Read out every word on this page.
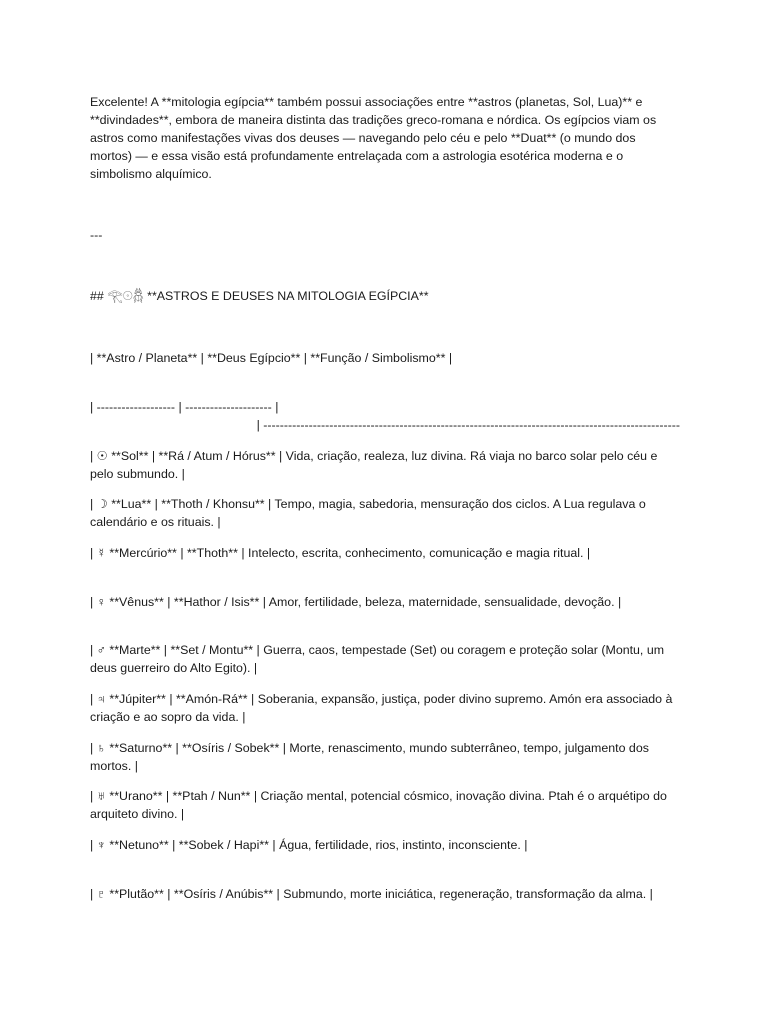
Excelente! A **mitologia egípcia** também possui associações entre **astros (planetas, Sol, Lua)** e **divindades**, embora de maneira distinta das tradições greco-romana e nórdica. Os egípcios viam os astros como manifestações vivas dos deuses — navegando pelo céu e pelo **Duat** (o mundo dos mortos) — e essa visão está profundamente entrelaçada com a astrologia esotérica moderna e o simbolismo alquímico.

---

## 𓂀𓇳𓆣 **ASTROS E DEUSES NA MITOLOGIA EGÍPCIA**

| **Astro / Planeta** | **Deus Egípcio** | **Função / Simbolismo** |

| ------------------- | --------------------- |

----------------------------------------------------------------------------------------------------- |

| ☉ **Sol** | **Rá / Atum / Hórus** | Vida, criação, realeza, luz divina. Rá viaja no barco solar pelo céu e pelo submundo. |

| ☽ **Lua** | **Thoth / Khonsu** | Tempo, magia, sabedoria, mensuração dos ciclos. A Lua regulava o calendário e os rituais. |

| ☿ **Mercúrio** | **Thoth** | Intelecto, escrita, conhecimento, comunicação e magia ritual. |

| ♀ **Vênus** | **Hathor / Isis** | Amor, fertilidade, beleza, maternidade, sensualidade, devoção. |

| ♂ **Marte** | **Set / Montu** | Guerra, caos, tempestade (Set) ou coragem e proteção solar (Montu, um deus guerreiro do Alto Egito). |

| ♃ **Júpiter** | **Amón-Rá** | Soberania, expansão, justiça, poder divino supremo. Amón era associado à criação e ao sopro da vida. |

| ♄ **Saturno** | **Osíris / Sobek** | Morte, renascimento, mundo subterrâneo, tempo, julgamento dos mortos. |

| ♅ **Urano** | **Ptah / Nun** | Criação mental, potencial cósmico, inovação divina. Ptah é o arquétipo do arquiteto divino. |

| ♆ **Netuno** | **Sobek / Hapi** | Água, fertilidade, rios, instinto, inconsciente. |

| ♇ **Plutão** | **Osíris / Anúbis** | Submundo, morte iniciática, regeneração, transformação da alma. |
